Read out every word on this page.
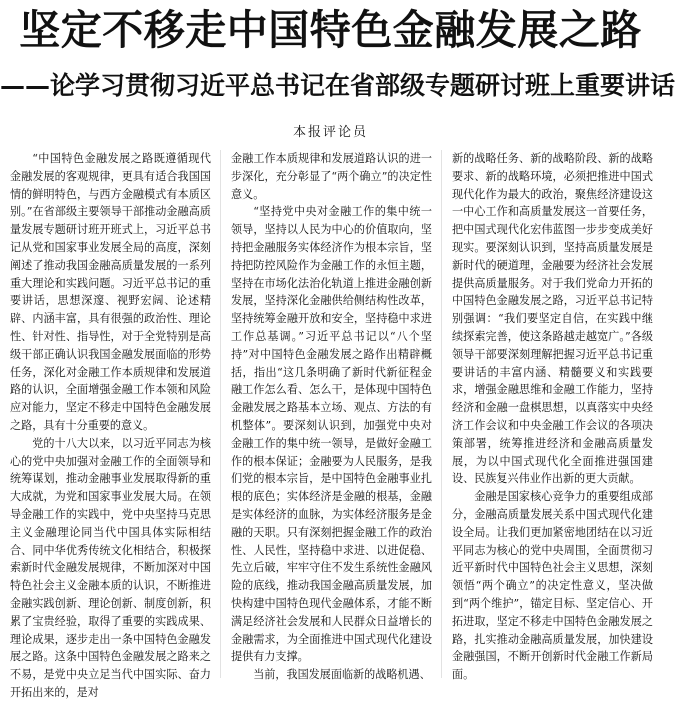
坚定不移走中国特色金融发展之路
——论学习贯彻习近平总书记在省部级专题研讨班上重要讲话
本报评论员

“中国特色金融发展之路既遵循现代金融发展的客观规律，更具有适合我国国情的鲜明特色，与西方金融模式有本质区别。”在省部级主要领导干部推动金融高质量发展专题研讨班开班式上，习近平总书记从党和国家事业发展全局的高度，深刻阐述了推动我国金融高质量发展的一系列重大理论和实践问题。习近平总书记的重要讲话，思想深邃、视野宏阔、论述精辟、内涵丰富，具有很强的政治性、理论性、针对性、指导性，对于全党特别是高级干部正确认识我国金融发展面临的形势任务，深化对金融工作本质规律和发展道路的认识，全面增强金融工作本领和风险应对能力，坚定不移走中国特色金融发展之路，具有十分重要的意义。

党的十八大以来，以习近平同志为核心的党中央加强对金融工作的全面领导和统筹谋划，推动金融事业发展取得新的重大成就，为党和国家事业发展大局。在领导金融工作的实践中，党中央坚持马克思主义金融理论同当代中国具体实际相结合、同中华优秀传统文化相结合，积极探索新时代金融发展规律，不断加深对中国特色社会主义金融本质的认识，不断推进金融实践创新、理论创新、制度创新，积累了宝贵经验，取得了重要的实践成果、理论成果，逐步走出一条中国特色金融发展之路。这条中国特色金融发展之路来之不易，是党中央立足当代中国实际、奋力开拓出来的，是对

金融工作本质规律和发展道路认识的进一步深化，充分彰显了“两个确立”的决定性意义。

“坚持党中央对金融工作的集中统一领导，坚持以人民为中心的价值取向，坚持把金融服务实体经济作为根本宗旨，坚持把防控风险作为金融工作的永恒主题，坚持在市场化法治化轨道上推进金融创新发展，坚持深化金融供给侧结构性改革，坚持统筹金融开放和安全，坚持稳中求进工作总基调。”习近平总书记以“八个坚持”对中国特色金融发展之路作出精辟概括，指出“这几条明确了新时代新征程金融工作怎么看、怎么干，是体现中国特色金融发展之路基本立场、观点、方法的有机整体”。要深刻认识到，加强党中央对金融工作的集中统一领导，是做好金融工作的根本保证；金融要为人民服务，是我们党的根本宗旨，是中国特色金融事业扎根的底色；实体经济是金融的根基，金融是实体经济的血脉，为实体经济服务是金融的天职。只有深刻把握金融工作的政治性、人民性，坚持稳中求进、以进促稳、先立后破，牢牢守住不发生系统性金融风险的底线，推动我国金融高质量发展，加快构建中国特色现代金融体系，才能不断满足经济社会发展和人民群众日益增长的金融需求，为全面推进中国式现代化建设提供有力支撑。

当前，我国发展面临新的战略机遇、

新的战略任务、新的战略阶段、新的战略要求、新的战略环境，必须把推进中国式现代化作为最大的政治，聚焦经济建设这一中心工作和高质量发展这一首要任务，把中国式现代化宏伟蓝图一步步变成美好现实。要深刻认识到，坚持高质量发展是新时代的硬道理，金融要为经济社会发展提供高质量服务。对于我们党命力开拓的中国特色金融发展之路，习近平总书记特别强调：“我们要坚定自信，在实践中继续探索完善，使这条路越走越宽广。”各级领导干部要深刻理解把握习近平总书记重要讲话的丰富内涵、精髓要义和实践要求，增强金融思维和金融工作能力，坚持经济和金融一盘棋思想，以真落实中央经济工作会议和中央金融工作会议的各项决策部署，统筹推进经济和金融高质量发展，为以中国式现代化全面推进强国建设、民族复兴伟业作出新的更大贡献。

金融是国家核心竞争力的重要组成部分，金融高质量发展关系中国式现代化建设全局。让我们更加紧密地团结在以习近平同志为核心的党中央周围，全面贯彻习近平新时代中国特色社会主义思想，深刻领悟“两个确立”的决定性意义，坚决做到“两个维护”，锚定目标、坚定信心、开拓进取，坚定不移走中国特色金融发展之路，扎实推动金融高质量发展，加快建设金融强国，不断开创新时代金融工作新局面。
